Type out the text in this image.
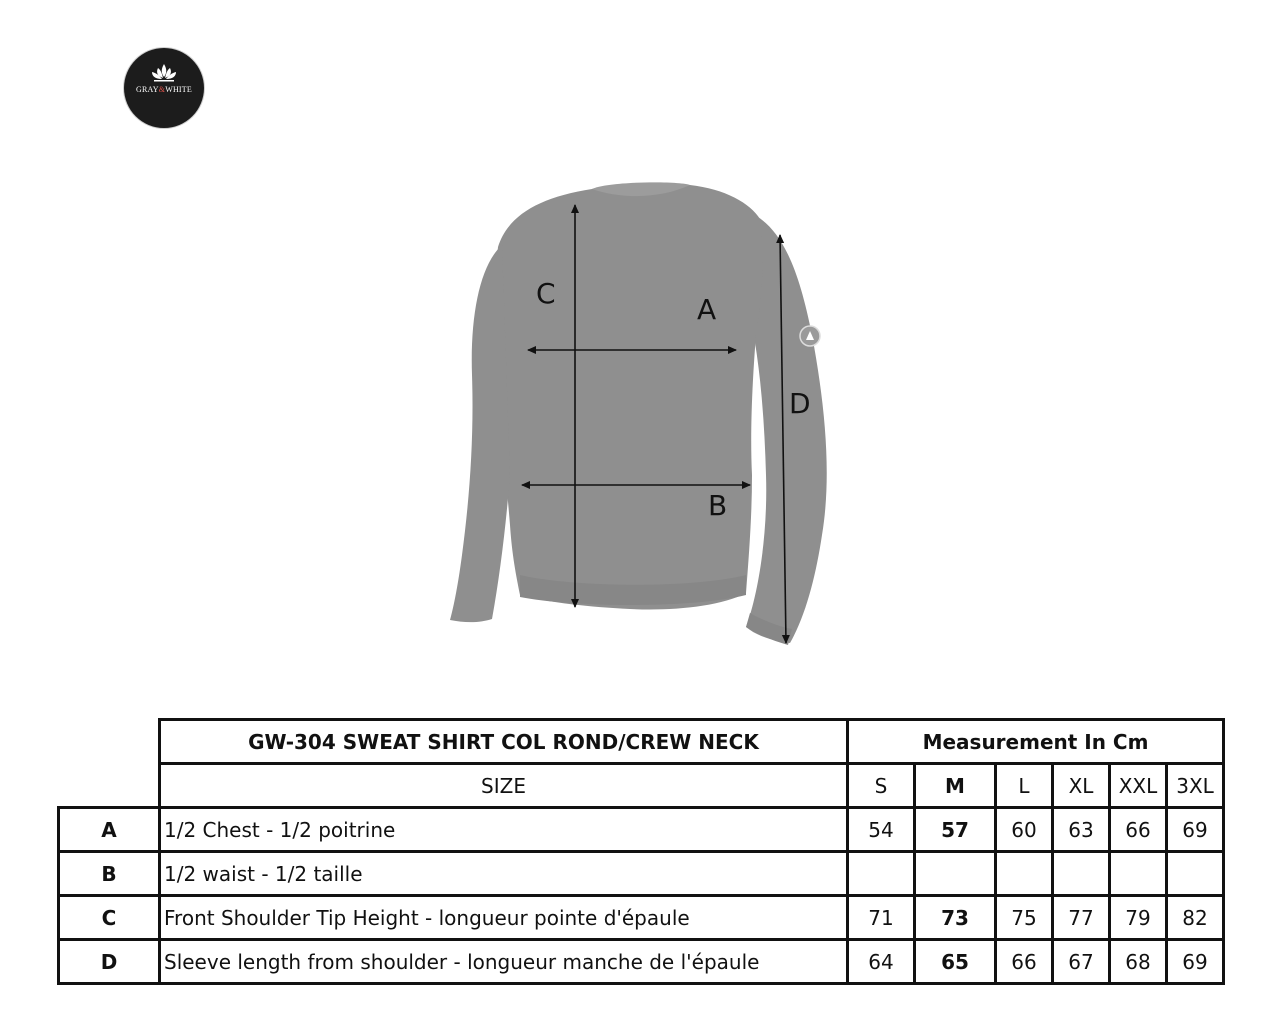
GRAY&WHITE
C	A
B
D
	GW-304 SWEAT SHIRT COL ROND/CREW NECK	Measurement In Cm					
	SIZE	S	M	L	XL	XXL	3XL
A	1/2 Chest - 1/2 poitrine	54	57	60	63	66	69
B	1/2 waist - 1/2 taille						
C	Front Shoulder Tip Height - longueur pointe d'épaule	71	73	75	77	79	82
D	Sleeve length from shoulder - longueur manche de l'épaule	64	65	66	67	68	69
